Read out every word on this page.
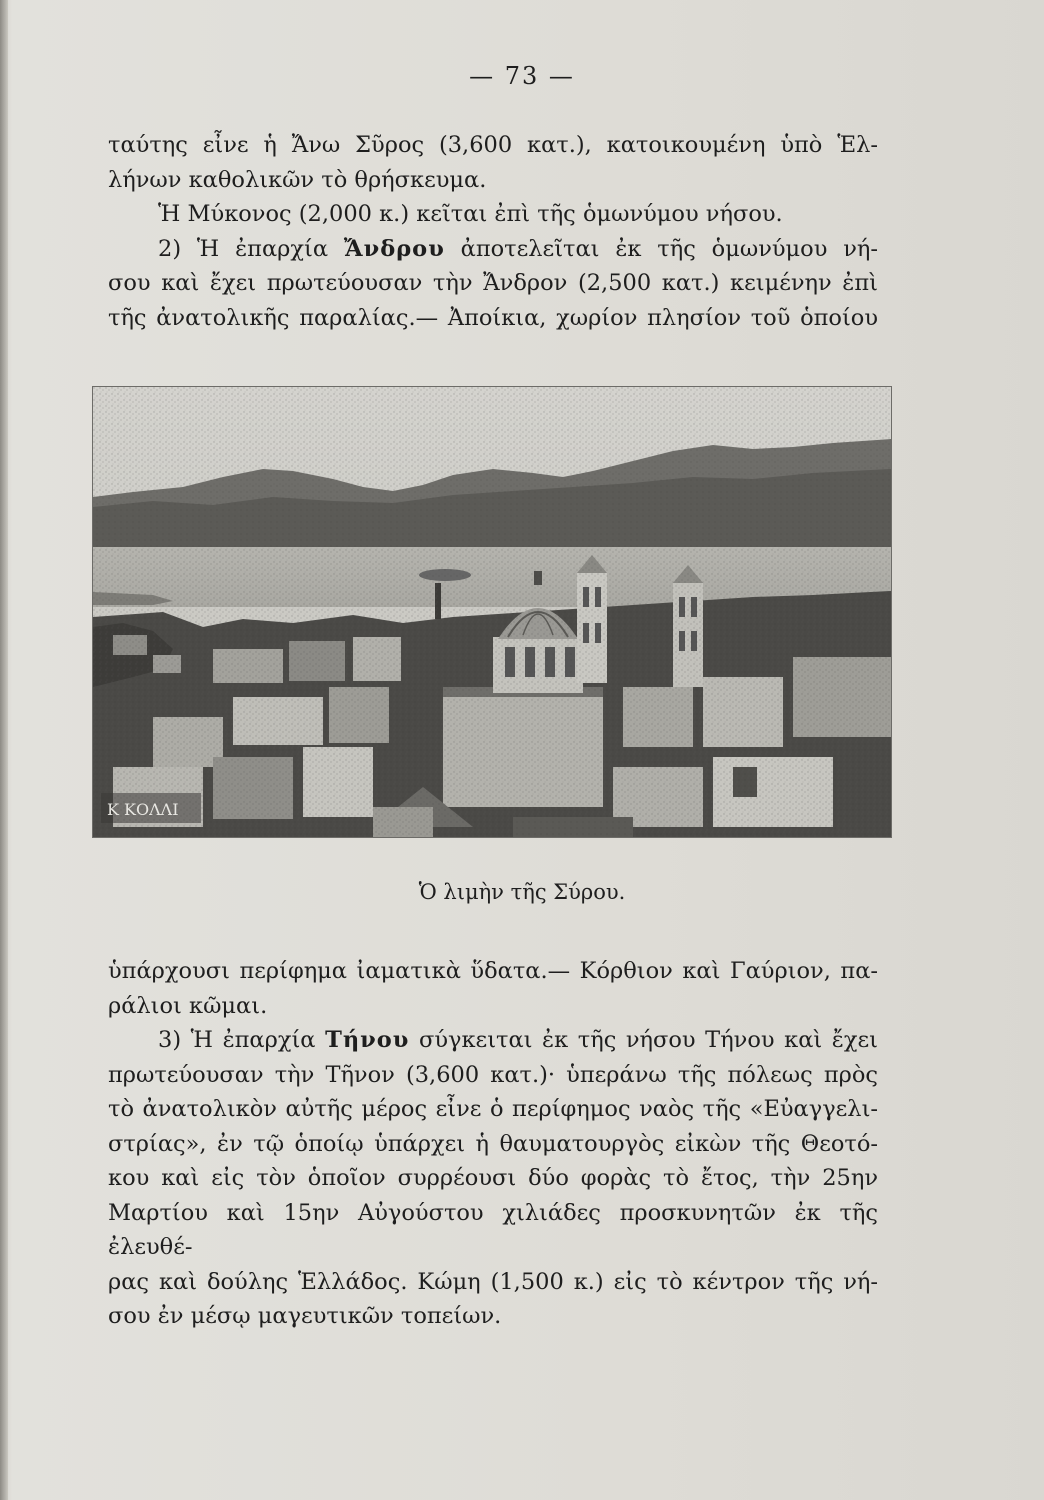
— 73 —

ταύτης εἶνε ἡ Ἄνω Σῦρος (3,600 κατ.), κατοικουμένη ὑπὸ Ἑλ-

λήνων καθολικῶν τὸ θρήσκευμα.

Ἡ Μύκονος (2,000 κ.) κεῖται ἐπὶ τῆς ὁμωνύμου νήσου.

2) Ἡ ἐπαρχία Ἄνδρου ἀποτελεῖται ἐκ τῆς ὁμωνύμου νή-

σου καὶ ἔχει πρωτεύουσαν τὴν Ἄνδρον (2,500 κατ.) κειμένην ἐπὶ

τῆς ἀνατολικῆς παραλίας.— Ἀποίκια, χωρίον πλησίον τοῦ ὁποίου

Κ ΚΟΛΛΙ
Ὁ λιμὴν τῆς Σύρου.

ὑπάρχουσι περίφημα ἰαματικὰ ὕδατα.— Κόρθιον καὶ Γαύριον, πα-

ράλιοι κῶμαι.

3) Ἡ ἐπαρχία Τήνου σύγκειται ἐκ τῆς νήσου Τήνου καὶ ἔχει

πρωτεύουσαν τὴν Τῆνον (3,600 κατ.)· ὑπεράνω τῆς πόλεως πρὸς

τὸ ἀνατολικὸν αὐτῆς μέρος εἶνε ὁ περίφημος ναὸς τῆς «Εὐαγγελι-

στρίας», ἐν τῷ ὁποίῳ ὑπάρχει ἡ θαυματουργὸς εἰκὼν τῆς Θεοτό-

κου καὶ εἰς τὸν ὁποῖον συρρέουσι δύο φορὰς τὸ ἔτος, τὴν 25ην

Μαρτίου καὶ 15ην Αὐγούστου χιλιάδες προσκυνητῶν ἐκ τῆς ἐλευθέ-

ρας καὶ δούλης Ἑλλάδος. Κώμη (1,500 κ.) εἰς τὸ κέντρον τῆς νή-

σου ἐν μέσῳ μαγευτικῶν τοπείων.
